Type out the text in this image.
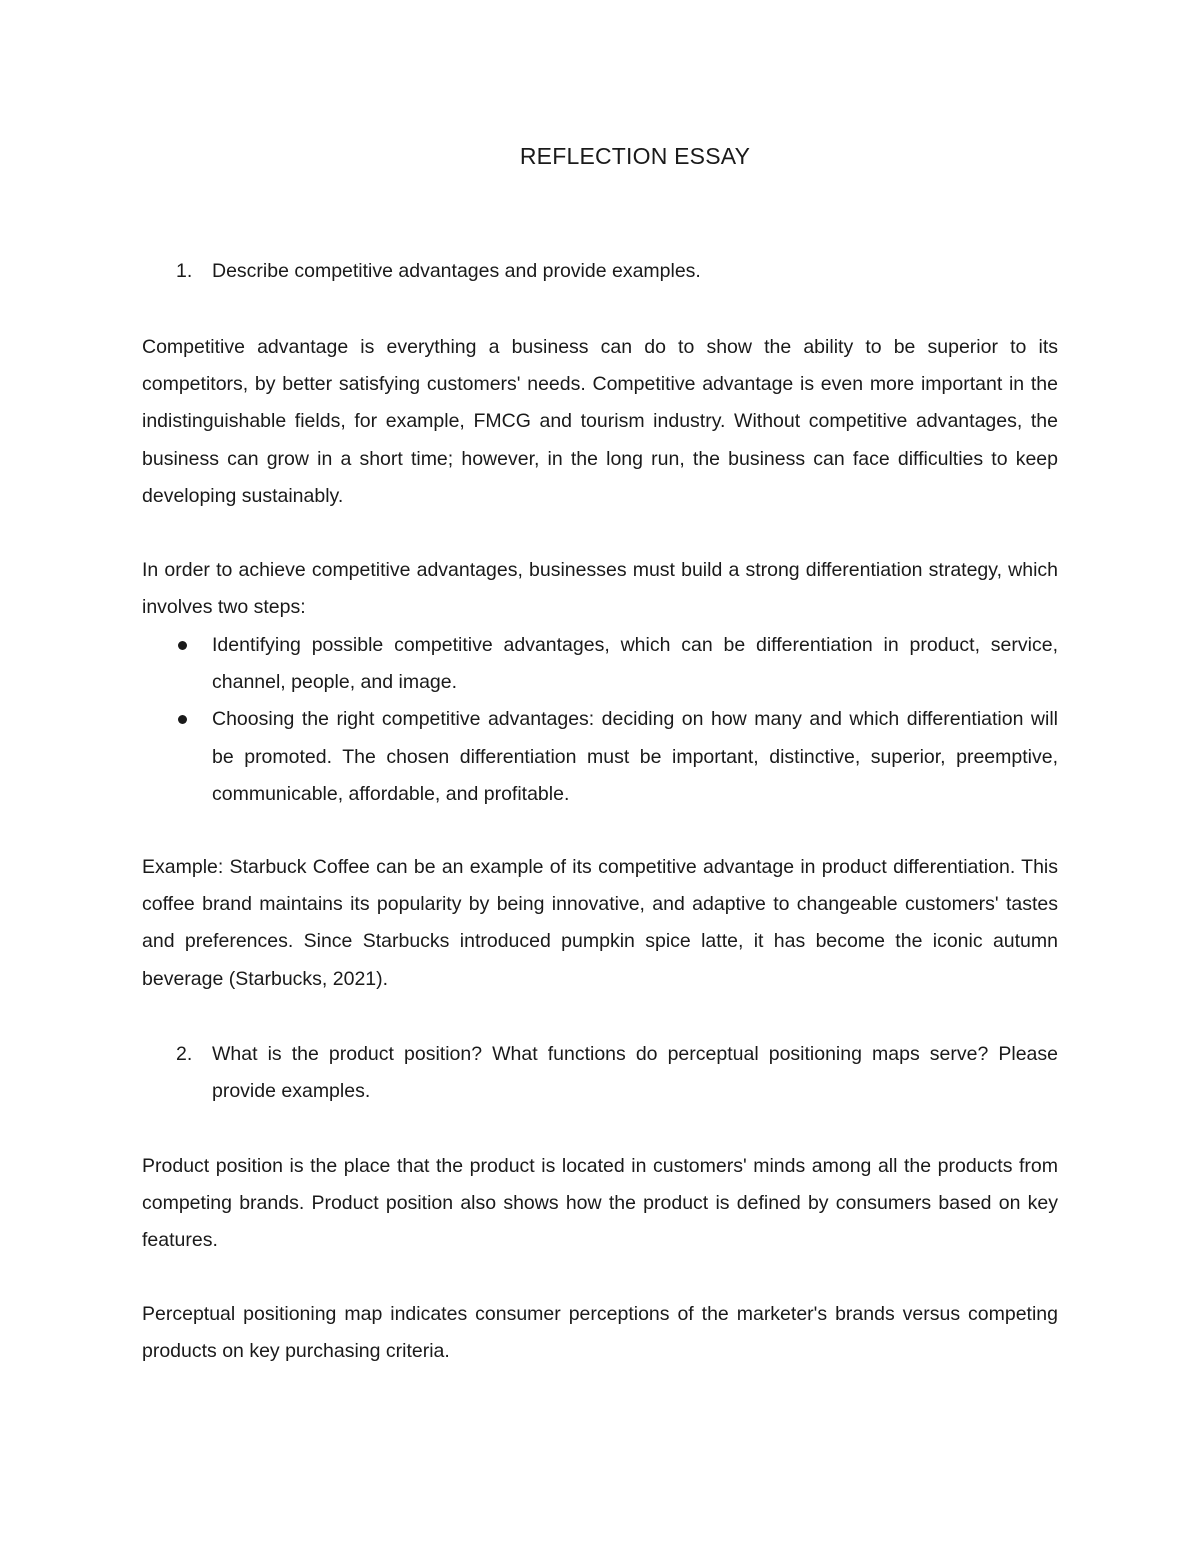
REFLECTION ESSAY
1. Describe competitive advantages and provide examples.

Competitive advantage is everything a business can do to show the ability to be superior to its competitors, by better satisfying customers' needs. Competitive advantage is even more important in the indistinguishable fields, for example, FMCG and tourism industry. Without competitive advantages, the business can grow in a short time; however, in the long run, the business can face difficulties to keep developing sustainably.

In order to achieve competitive advantages, businesses must build a strong differentiation strategy, which involves two steps:

Identifying possible competitive advantages, which can be differentiation in product, service, channel, people, and image.

Choosing the right competitive advantages: deciding on how many and which differentiation will be promoted. The chosen differentiation must be important, distinctive, superior, preemptive, communicable, affordable, and profitable.

Example: Starbuck Coffee can be an example of its competitive advantage in product differentiation. This coffee brand maintains its popularity by being innovative, and adaptive to changeable customers' tastes and preferences. Since Starbucks introduced pumpkin spice latte, it has become the iconic autumn beverage (Starbucks, 2021).

2. What is the product position? What functions do perceptual positioning maps serve? Please provide examples.

Product position is the place that the product is located in customers' minds among all the products from competing brands. Product position also shows how the product is defined by consumers based on key features.

Perceptual positioning map indicates consumer perceptions of the marketer's brands versus competing products on key purchasing criteria.
